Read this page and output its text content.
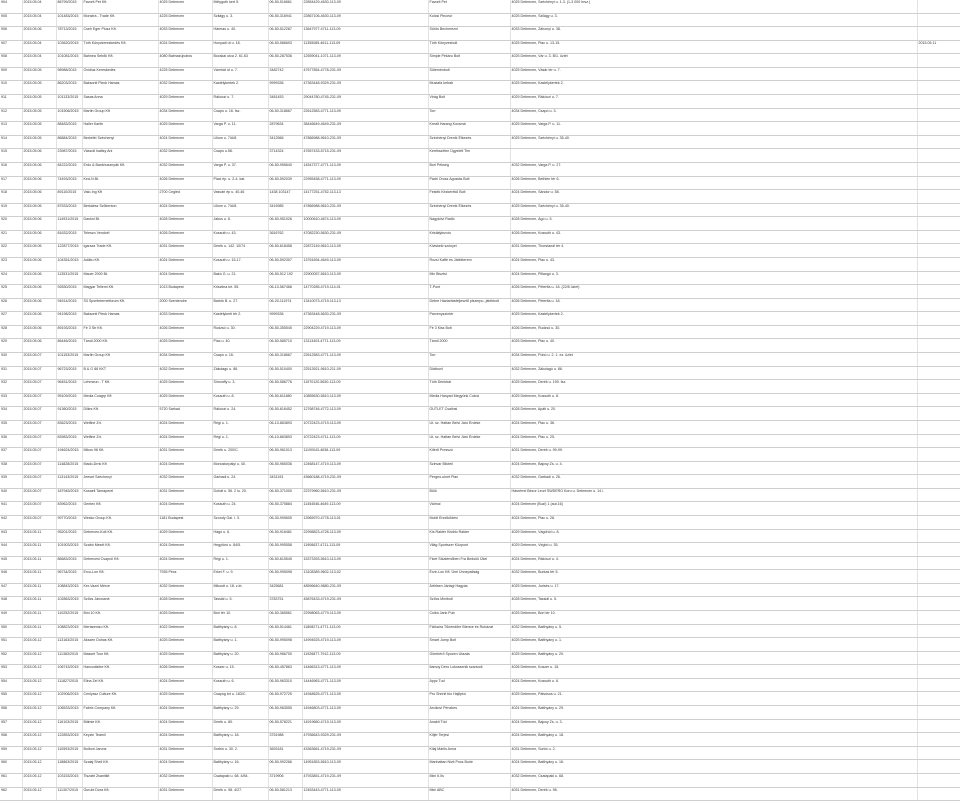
904	2015.05.04	86799/2015	Favorit Pet Kft.	4025 Debrecen	Mélyguth kert 5.	06-50-516661	22854429-4630-113-09	Favorit Pet	4025 Debrecen, Széchényi u. 1-3. (1-3 000 hrsz.)	
905	2015.05.04	101483/2015	Monstra - Trade Kft.	4225 Debrecen	Szilágy u. 3.	06-50-316941	22867106-4630-113-09	Kolcsi Pinceúr	4025 Debrecen, Szilágy u. 3.	
906	2015.05.06	78713/2015	Cseh Eger Plusz Kft.	4033 Debrecen	Hármas u. 40.	06-50-512287	13647977-4711-113-09	Sörös Becherezni	4033 Debrecen, Záhonyi u. 38.	
907	2015.05.04	103620/2015	Tóth Könyvkereskedés Kft.	4024 Debrecen	Hunyadi út u. 18.	06-50-586693	11355085-4611-113-09	Tóth Könyvesbolt	4025 Debrecen, Piac u. 13-15.	2015.05.11
908	2015.05.04	101081/2015	Bahnea Sebők Kft.	4080 Balmazújváros	Bocskai utca 2. 61.63	06-50-287536	12559041-1071-113-09	Simple Pékáru Bolt	4025 Debrecen, Vár u. 3. B/1. üzlet	
909	2015.05.05	98988/2015	Ovidius Kereskedés	4225 Debrecen	Vámhát út u. 7.	3482742	47677854-4778-231-09	Süteménbolt	4025 Debrecen, Vásár tér u. 7.	
910	2015.05.05	86203/2015	Baksonti Pleck Hamas	4032 Debrecen	Kastélykertek 2.	9999336	47363448-9329-231-09	Mustafa kebab	4025 Debrecen, Kastélykertek 2.	
911	2015.05.05	101133/2015	Sasas Anna	4029 Debrecen	Rákóczi u. 7.	3481453	29044780-4745-231-09	Virág Bolt	4029 Debrecen, Rákóczi u. 7.	
912	2015.05.05	101506/2015	Martin Group Kft	4034 Debrecen	Csapó u. 16. fsz.	06-50-318667	22612583-4771-113-09	Torr	4034 Debrecen, Csapó u. 3.	
913	2015.05.05	88483/2015	Haller Kartin	4025 Debrecen	Varga P. u. 11.	2879634	38446649-4649-231-09	Kreált Harang Kocsmá	4025 Debrecen, Varga P. u. 11.	
914	2015.05.05	86884/2015	Berkéléi Széchenyi	4024 Debrecen	Liliom u. 7/A/8.	3412566	47866988-9610-231-09	Széchényi Drenik Étkezés	4025 Debrecen, Széchényi u. 35-40.	
915	2015.05.06	23987/2015	Vászoli Isaltsy Ani	4032 Debrecen	Csapó u.58.	3714324	47657433-5715-231-09	Kerékszélen Ügyeleti Tim		
916	2015.05.06	84222/2015	Erdo & Bankhusznyák Kft.	4032 Debrecen	Varga P. u. 37.	06-50-955640	14547377-4771-113-09	Bori Pékség	4032 Debrecen, Varga P. u. 27.	
917	2015.05.06	74493/2015	Ked-N Bt.	4026 Debrecen	Piaci ép. u. 2-4. kat.	06-50-592039	22955458-4771-113-09	Pádri Orosz Agostás Bolt	4026 Debrecen, Bethlen tér 6.	
918	2015.05.06	89110/2015	Valo-Ing Kft	2700 Cegléd	Vasvári ép u. 40-46	1438 103147	14177251-4752-113-13	Festék Kézkerékű Bolt	4024 Debrecen, Sándor u. 58.	
919	2015.05.06	87533/2015	Berkáész Szőkenton	4024 Debrecen	Liliom u. 7/A/8.	3415985	47866988-9610-231-09	Széchényi Drenik Étkezés	4025 Debrecen, Széchényi u. 35-40.	
920	2015.05.06	114931/2015	Dashni Bt.	4028 Debrecen	Jakus u. 8.	06-50-951026	10000610-4674-113-09	Nagykövi Rádió	4028 Debrecen, Ágó u. 5.	
921	2015.05.06	81632/2015	Teleszo Vendvél	4026 Debrecen	Kossuth u. 43.	3616762	47082230-5630-231-09	Kristálybuvós	4026 Debrecen, Kossuth u. 43.	
922	2015.05.06	122877/2015	Igarsza Trade Kft.	4031 Debrecen	Derék u. 142. 10/74	06-50-618458	22872149-9610-113-09	Kiviskeki szónyei	4031 Debrecen, Thorstandi tér 4.	
923	2015.05.06	104351/2015	Adiktu Kft.	4024 Debrecen	Kossuth u. 15-17.	06-50-592307	13761694-4649-113-09	Rozsí Kaffé és Játékterem	4024 Debrecen, Piac u. 43.	
924	2015.05.06	113531/2015	Mauer 2000 Bt.	4024 Debrecen	Bakó G. u. 21.	06-50-512 192	22900057-5610-113-09	Mix Bisztró	4024 Debrecen, Pillangó u. 3.	
925	2015.05.06	92830/2015	Magyar Tellemi Kft.	1013 Budapest	Krisztina krt. 55.	06-10-567468	14770285-4719-114-01	T-Pont	4026 Debrecen, Péterfia u. 18. (22/8 üzlet)	
926	2015.05.06	94514/2015	S3 Sportinternetforum Kft.	2000 Szentendre	Bartók B. u. 27.	06-20-111974	13410073-4719-113-13	Debre Háztartásfeljesztő plszerpu- játékbolt	4026 Debrecen, Péterfia u. 18.	
927	2015.05.06	94198/2015	Baksonti Pleck Hamas	4033 Debrecen	Kastélykerti tér 2.	9999336	47363448-5630-231-09	Parvenyszíntér	4025 Debrecen, Kastélykertek 2.	
928	2015.05.06	89193/2015	Fé 3 Str Kft.	4026 Debrecen	Rudzsó u. 30.	06-50-355545	22904229-4719-113-09	Fé 3 Kiss Bolt	4026 Debrecen, Rudzsó u. 30.	
929	2015.05.06	86446/2015	Tándi 2000 Kft.	4025 Debrecen	Piac u. 40.	06-50-585710	13113403-4771-113-09	Tándi 2000	4025 Debrecen, Piac u. 40.	
930	2015.05.07	101153/2015	Martin Group Kft	4034 Debrecen	Csapó u. 16.	06-50-318667	22612583-4771-113-09	Torr	4034 Debrecen, Pobó u. 2. 1. ez. üzlet	
931	2015.05.07	96723/2015	B & G 88 KKT	4032 Debrecen	Zákolagú u. 86.	06-50-510400	22513921-9610-211-09	Diáttovd	4032 Debrecen, Zákolagú u. 86.	
932	2015.05.07	96451/2015	Lehmeun - T Kft.	4025 Debrecen	Simonffy u. 3.	06-50-586776	11970120-5630-113-09	Tóth Drinkbár	4025 Debrecen, Derék u. 199. fsz.	
933	2015.05.07	95109/2015	Media Coagrp Kft	4025 Debrecen	Kossuth u. 8.	06-50-611880	10855630-5610-113-09	Media Hanyad Megyünk Cukrá	4025 Debrecen, Kossuth u. 8.	
934	2015.05.07	91360/2015	Dilkrs Kft.	5720 Sarkad	Rákóczi u. 24.	06-50-616452	12768746-4772-113-09	OUTLET Csalinsi	4028 Debrecen, Apáti u. 20.	
935	2015.05.07	83623/2015	Welfine Zrt.	4024 Debrecen	Régi u. 1.	06-10-863893	10722423-4719-113-09	Ut. sz. Hattan Belvi Járó Érdeke	4024 Debrecen, Piac u. 36.	
936	2015.05.07	83983/2015	Welfine Zrt.	4024 Debrecen	Régi u. 1.	06-10-863893	10722423-4711-113-09	Ut. sz. Hattan Belvi Járó Érdeke	4024 Debrecen, Piac u. 25.	
937	2015.05.07	194624/2015	Mikos 98 Kft.	4031 Debrecen	Derék u. 200/C.	06-50-961013	11190043-4638-113-09	Kitérő Presszó	4031 Debrecen, Derék u. 99-99.	
938	2015.05.07	114828/2015	Mado-Drnk Kft	4024 Debrecen	Monostorpályi u. 40.	06-50-965036	12468147-4719-113-09	Szinvar Blicteli	4024 Debrecen, Bajcsy Zs. u. 4.	
939	2015.05.07	113143/2015	Jeeset Széchenyi	4032 Debrecen	Garbadi u. 24.	3431193	43660188-4719-231-09	Pergeo-ulnet Plan	4032 Debrecen, Garbadi u. 26.	
940	2015.05.07	187945/2015	Kosaeli Tanraperel	4031 Debrecen	Dohát u. 56. 2 lu. 20.	06-50-371000	22379960-5610-231-09	Bölö	Hásrérrei Bézor Leurt SWDERO Koru u. Debrecen u. 14 i.	
941	2015.05.07	83962/2015	Gentex Kft.	4024 Debrecen	Kossuth u. 24.	06-50-375884	11454546-4649-113-09	Válmoi	4024 Debrecen (Buzi) 1 (aut.16)	
942	2015.05.07	99770/2015	Wesko Group Kft.	1181 Budapest	Szondy Gal. l. 3.	06-30-999605	13965970-4778-113-01	Mobil Érzelkődési	4024 Debrecen, Piac u. 28.	
943	2015.05.11	95201/2015	Debrecen-Kolt Kft.	4029 Debrecen	Hágó u. 6.	06-50-916481	22998823-4728-113-09	Kis Raktér Kisiblo Rakter	4029 Debrecen, Vágóhíd u. 8.	
944	2015.05.11	101903/2015	Szabó Mesél Kft.	4024 Debrecen	Hegyfúró u. 84/5.	06-50-995558	11906637-4711-113-09	Világ Sportszer Központ	4029 Debrecen, Végbó u. 35.	
945	2015.05.11	86683/2015	Debrecesi Csapról Kft.	4024 Debrecen	Régi u. 1.	06-50-615545	15373393-5610-113-09	Ficet Síkatémőben Fra Bedsöö Ükel	4024 Debrecen, Rákóczi u. 4.	
946	2015.05.11	96734/2015	Erco-Lon Kft.	7935 Pécs	Erkel F. u. 9.	06-50-995098	13108389-9602-113-02	Érzé-Lon Kft. Ürei Ünnepatiság	4032 Debrecen, Burkas tér 5.	
947	2015.05.11	108843/2015	Ker-Vazni Mérce	4032 Debrecen	Mikostt u. 18. z.kt.	3425681	48596640-9880-231-09	Ártirlsen Jártagi Hagyás	4025 Debrecen, Jurisés u. 17.	
948	2015.05.11	102863/2015	Szőcs Jánossné	4028 Debrecen	Tassiál u. 5.	3783751	45876433-4719-231-09	Szőcs Minibolt	4028 Debrecen, Tassiál u. 5.	
949	2015.05.11	110252/2015	Bini 10 Kft.	4025 Debrecen	Bóri tér 10.	06-50-365561	22998063-4779-113-09	Csibú Jank Pub	4025 Debrecen, Bóri tér 10.	
950	2015.05.11	108823/2015	Mertarenizo Kft.	4022 Debrecen	Batthyány u. 8.	06-50-514461	11808271-4771-113-09	Fizikaíra Tűnendőre Blersre és Ruházat	4032 Debrecen, Batthyány u. 5.	
951	2015.05.12	113163/2015	Akszen Dohas Kft.	4025 Debrecen	Batthyány u. 1.	06-50-995098	14994525-4719-113-09	Smart Jump Bolt	4025 Debrecen, Batthyány u. 1.	
952	2015.05.12	111383/2015	Masset Tour Kft.	4025 Debrecen	Batthyány u. 20.	06-50-966700	11926877-7912-113-09	Gömbérő Spozen Utazás	4025 Debrecen, Batthyány u. 20.	
953	2015.05.12	106743/2015	Hancodisfee Kft.	4026 Debrecen	Koszer u. 15.	06-50-457863	14466313-4771-113-09	Itamoy Dero Lokossenik szarsodi	4026 Debrecen, Koszer u. 15.	
954	2015.05.12	111827/2015	Elina Zel Kft.	4024 Debrecen	Kossuth u. 6.	06-50-963310	14446963-4771-113-09	Appz Tud	4024 Debrecen, Kossuth u. 6.	
955	2015.05.12	102906/2015	Ceniyssz Culture Kft.	4025 Debrecen	Csapóg krt u. 183/C.	06-50-972725	14948625-4771-113-09	Pro Shrinit bio Hajlipkó	4025 Debrecen, Pálsúsos u. 21.	
956	2015.05.12	106533/2015	Fabrix Company Kft.	4024 Debrecen	Batthyány u. 29.	06-50-963555	14946803-4771-113-09	Arcikovi Pénzbes	4024 Debrecen, Batthyány u. 29.	
957	2015.05.12	116103/2015	Bitimie Kft.	4024 Debrecen	Derék u. 80.	06-50-578221	14919660-4719-113-09	Anakti Tüd	4024 Debrecen, Bajcsy Zs. u. 3.	
958	2015.05.12	122853/2015	Keyzin Teamil	4024 Debrecen	Batthyány u. 18.	3751988	47936643-9329-231-09	Kitjér Terjesi	4024 Debrecen, Batthyány u. 18.	
959	2015.05.12	110593/2015	Bolbori Jarons	4031 Debrecen	Sorbió u. 30. 2.	3693181	43363661-4719-231-09	Kilaj Márlis Anna	4031 Debrecen, Sorbó u. 2.	
960	2015.05.12	118863/2015	Szalaj Sheil Kft.	4024 Debrecen	Batthyány u. 16.	06-50-992266	14951853-5610-113-09	Manhattan Nivit Pocs Burle	4024 Debrecen, Batthyány u. 16.	
961	2015.05.12	103153/2015	Tiszabt Zsanitkit	4032 Debrecen	Csatapaki u. 68. 4/84.	3719906	47933851-4719-231-09	Mini 6.0s	4032 Debrecen, Csatapaki u. 68.	
962	2015.05.12	111307/2015	Gurubi Dora Kft.	4031 Debrecen	Derék u. 98. 4/27.	06-50-581213	12453443-4771-113-09	Mini ABC	4031 Debrecen, Derék u. 98.	
